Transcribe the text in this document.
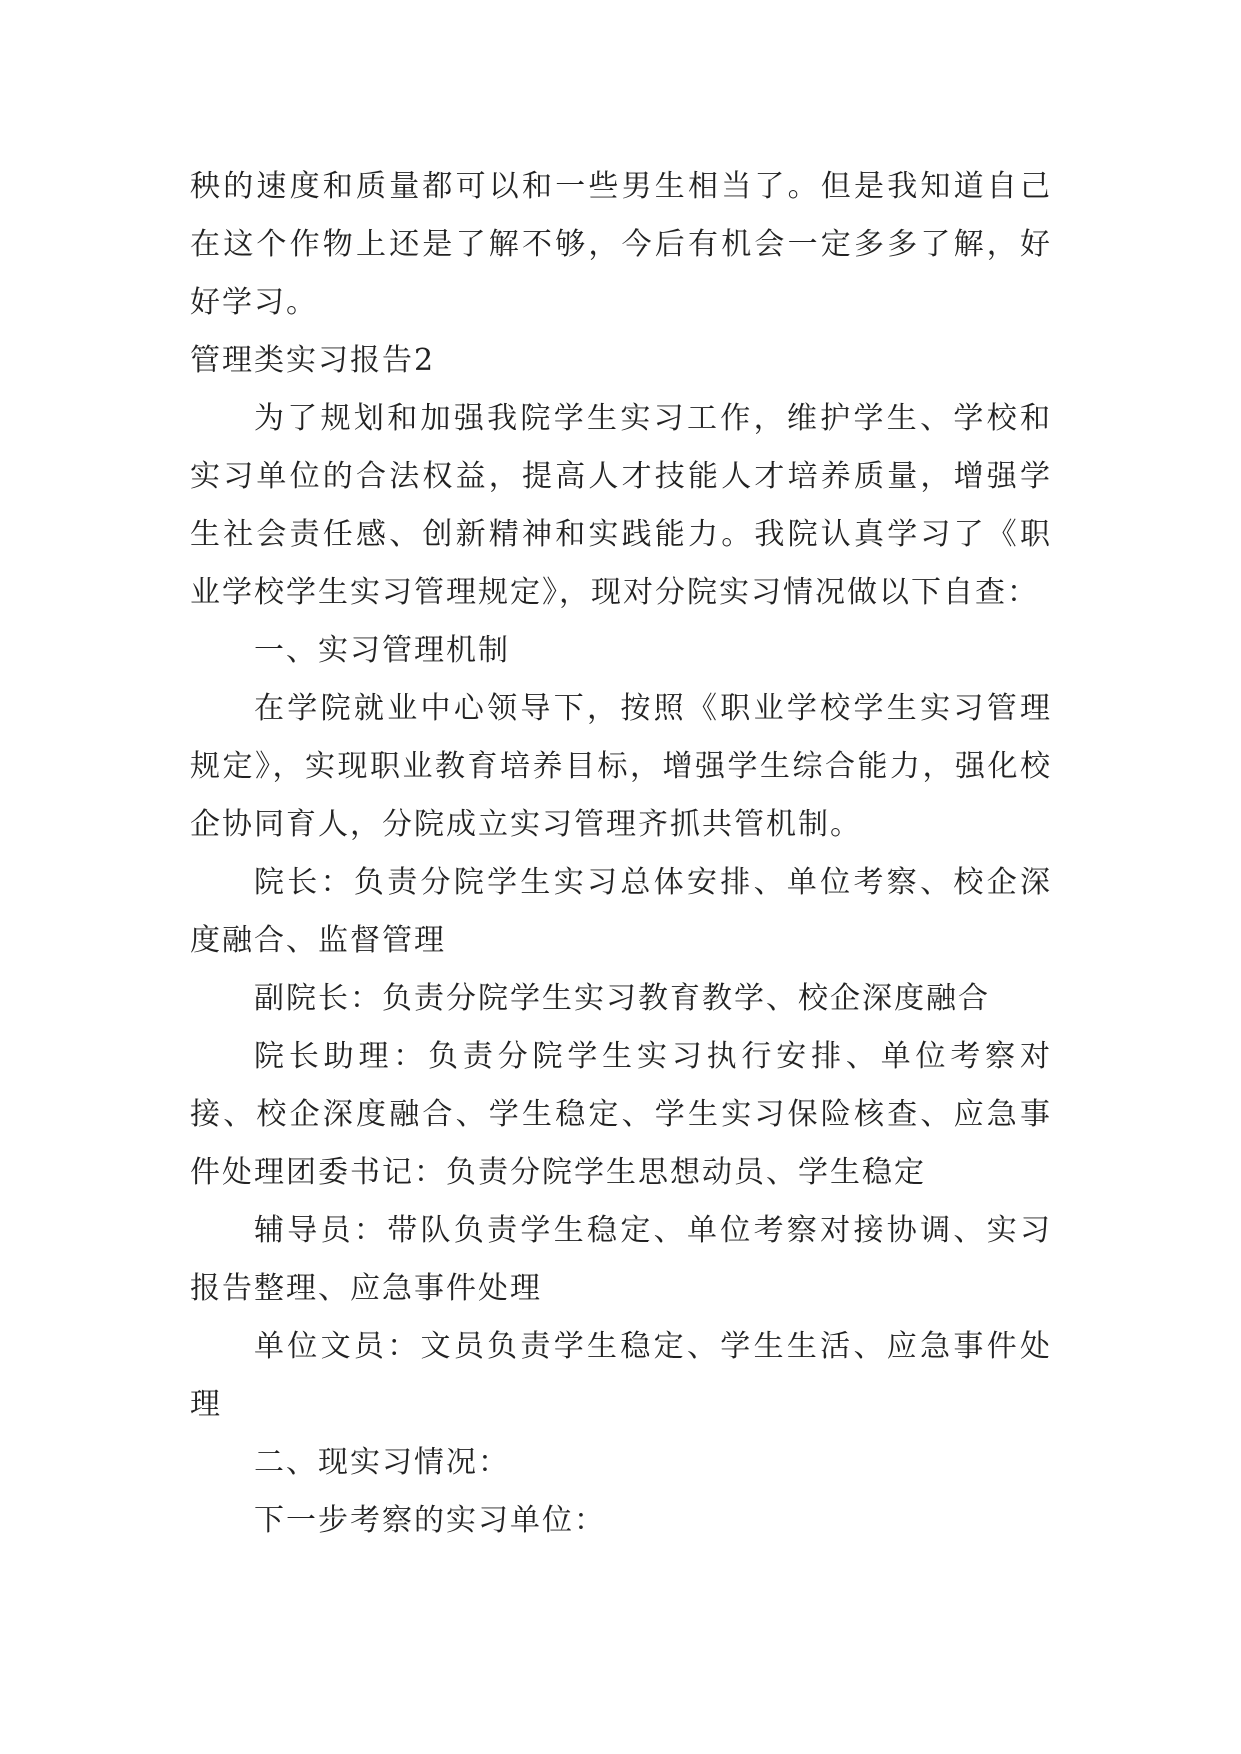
秧的速度和质量都可以和一些男生相当了。但是我知道自己在这个作物上还是了解不够，今后有机会一定多多了解，好好学习。

管理类实习报告2

为了规划和加强我院学生实习工作，维护学生、学校和实习单位的合法权益，提高人才技能人才培养质量，增强学生社会责任感、创新精神和实践能力。我院认真学习了《职业学校学生实习管理规定》，现对分院实习情况做以下自查：

一、实习管理机制

在学院就业中心领导下，按照《职业学校学生实习管理规定》，实现职业教育培养目标，增强学生综合能力，强化校企协同育人，分院成立实习管理齐抓共管机制。

院长：负责分院学生实习总体安排、单位考察、校企深度融合、监督管理

副院长：负责分院学生实习教育教学、校企深度融合

院长助理：负责分院学生实习执行安排、单位考察对接、校企深度融合、学生稳定、学生实习保险核查、应急事件处理团委书记：负责分院学生思想动员、学生稳定

辅导员：带队负责学生稳定、单位考察对接协调、实习报告整理、应急事件处理

单位文员：文员负责学生稳定、学生生活、应急事件处理

二、现实习情况：

下一步考察的实习单位：
